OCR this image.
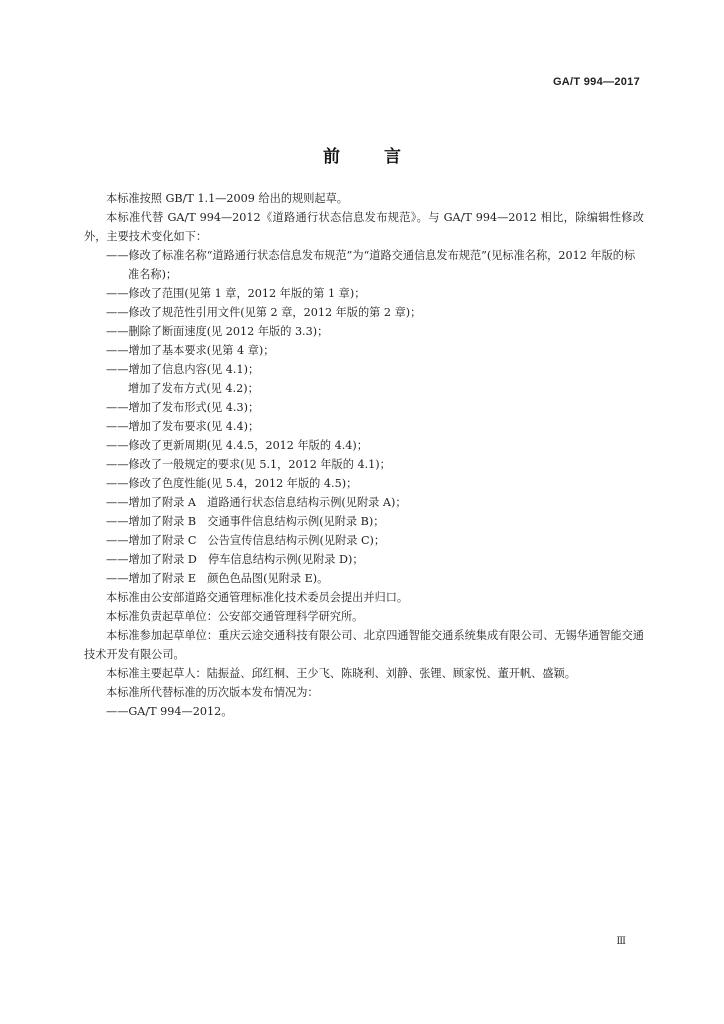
GA/T 994—2017
前言

本标准按照 GB/T 1.1—2009 给出的规则起草。

本标准代替 GA/T 994—2012《道路通行状态信息发布规范》。与 GA/T 994—2012 相比，除编辑性修改外，主要技术变化如下：

——修改了标准名称“道路通行状态信息发布规范”为“道路交通信息发布规范”(见标准名称，2012 年版的标准名称)；

——修改了范围(见第 1 章，2012 年版的第 1 章)；

——修改了规范性引用文件(见第 2 章，2012 年版的第 2 章)；

——删除了断面速度(见 2012 年版的 3.3)；

——增加了基本要求(见第 4 章)；

——增加了信息内容(见 4.1)；

增加了发布方式(见 4.2)；

——增加了发布形式(见 4.3)；

——增加了发布要求(见 4.4)；

——修改了更新周期(见 4.4.5，2012 年版的 4.4)；

——修改了一般规定的要求(见 5.1，2012 年版的 4.1)；

——修改了色度性能(见 5.4，2012 年版的 4.5)；

——增加了附录 A　道路通行状态信息结构示例(见附录 A)；

——增加了附录 B　交通事件信息结构示例(见附录 B)；

——增加了附录 C　公告宣传信息结构示例(见附录 C)；

——增加了附录 D　停车信息结构示例(见附录 D)；

——增加了附录 E　颜色色品图(见附录 E)。

本标准由公安部道路交通管理标准化技术委员会提出并归口。

本标准负责起草单位：公安部交通管理科学研究所。

本标准参加起草单位：重庆云途交通科技有限公司、北京四通智能交通系统集成有限公司、无锡华通智能交通技术开发有限公司。

本标准主要起草人：陆振益、邱红桐、王少飞、陈晓利、刘静、张锂、顾家悦、董开帆、盛颖。

本标准所代替标准的历次版本发布情况为：

——GA/T 994—2012。

Ⅲ
